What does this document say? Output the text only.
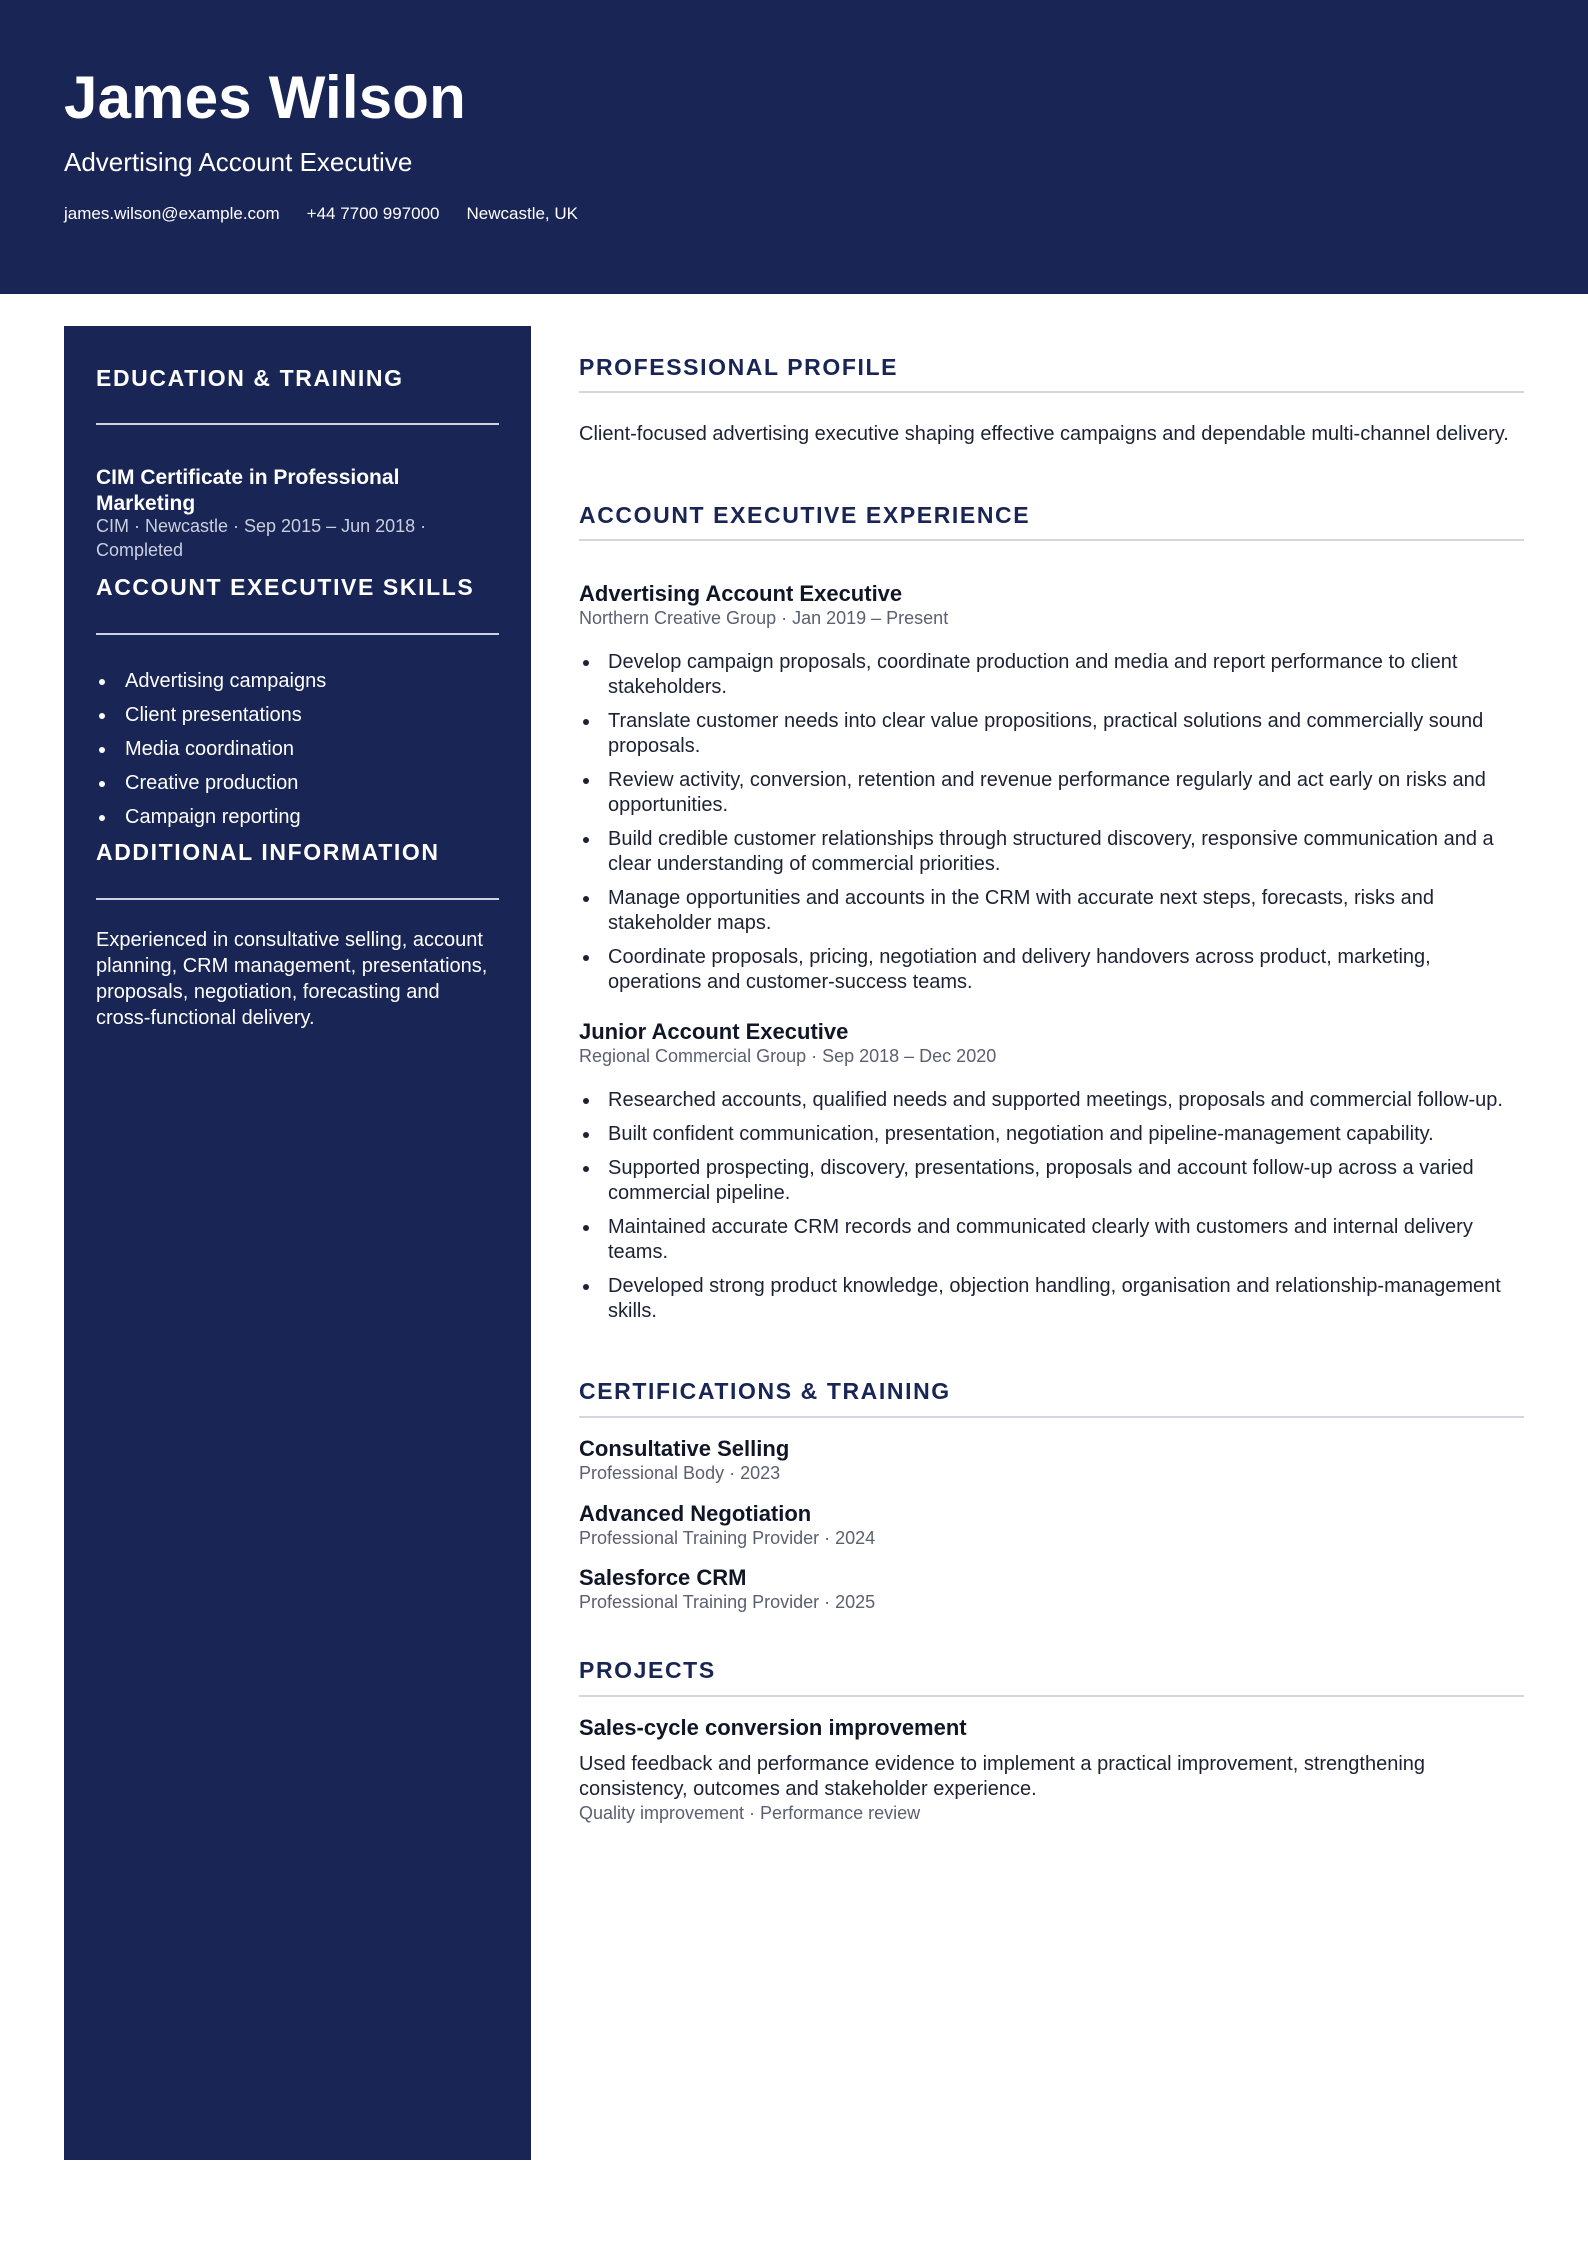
James Wilson
Advertising Account Executive
james.wilson@example.com +44 7700 997000 Newcastle, UK
EDUCATION & TRAINING
CIM Certificate in Professional Marketing
CIM · Newcastle · Sep 2015 – Jun 2018 · Completed
ACCOUNT EXECUTIVE SKILLS
Advertising campaigns
Client presentations
Media coordination
Creative production
Campaign reporting
ADDITIONAL INFORMATION
Experienced in consultative selling, account planning, CRM management, presentations, proposals, negotiation, forecasting and cross-functional delivery.
PROFESSIONAL PROFILE
Client-focused advertising executive shaping effective campaigns and dependable multi-channel delivery.
ACCOUNT EXECUTIVE EXPERIENCE
Advertising Account Executive
Northern Creative Group · Jan 2019 – Present
Develop campaign proposals, coordinate production and media and report performance to client stakeholders.
Translate customer needs into clear value propositions, practical solutions and commercially sound proposals.
Review activity, conversion, retention and revenue performance regularly and act early on risks and opportunities.
Build credible customer relationships through structured discovery, responsive communication and a clear understanding of commercial priorities.
Manage opportunities and accounts in the CRM with accurate next steps, forecasts, risks and stakeholder maps.
Coordinate proposals, pricing, negotiation and delivery handovers across product, marketing, operations and customer-success teams.
Junior Account Executive
Regional Commercial Group · Sep 2018 – Dec 2020
Researched accounts, qualified needs and supported meetings, proposals and commercial follow-up.
Built confident communication, presentation, negotiation and pipeline-management capability.
Supported prospecting, discovery, presentations, proposals and account follow-up across a varied commercial pipeline.
Maintained accurate CRM records and communicated clearly with customers and internal delivery teams.
Developed strong product knowledge, objection handling, organisation and relationship-management skills.
CERTIFICATIONS & TRAINING
Consultative Selling
Professional Body · 2023
Advanced Negotiation
Professional Training Provider · 2024
Salesforce CRM
Professional Training Provider · 2025
PROJECTS
Sales-cycle conversion improvement
Used feedback and performance evidence to implement a practical improvement, strengthening consistency, outcomes and stakeholder experience.
Quality improvement · Performance review
